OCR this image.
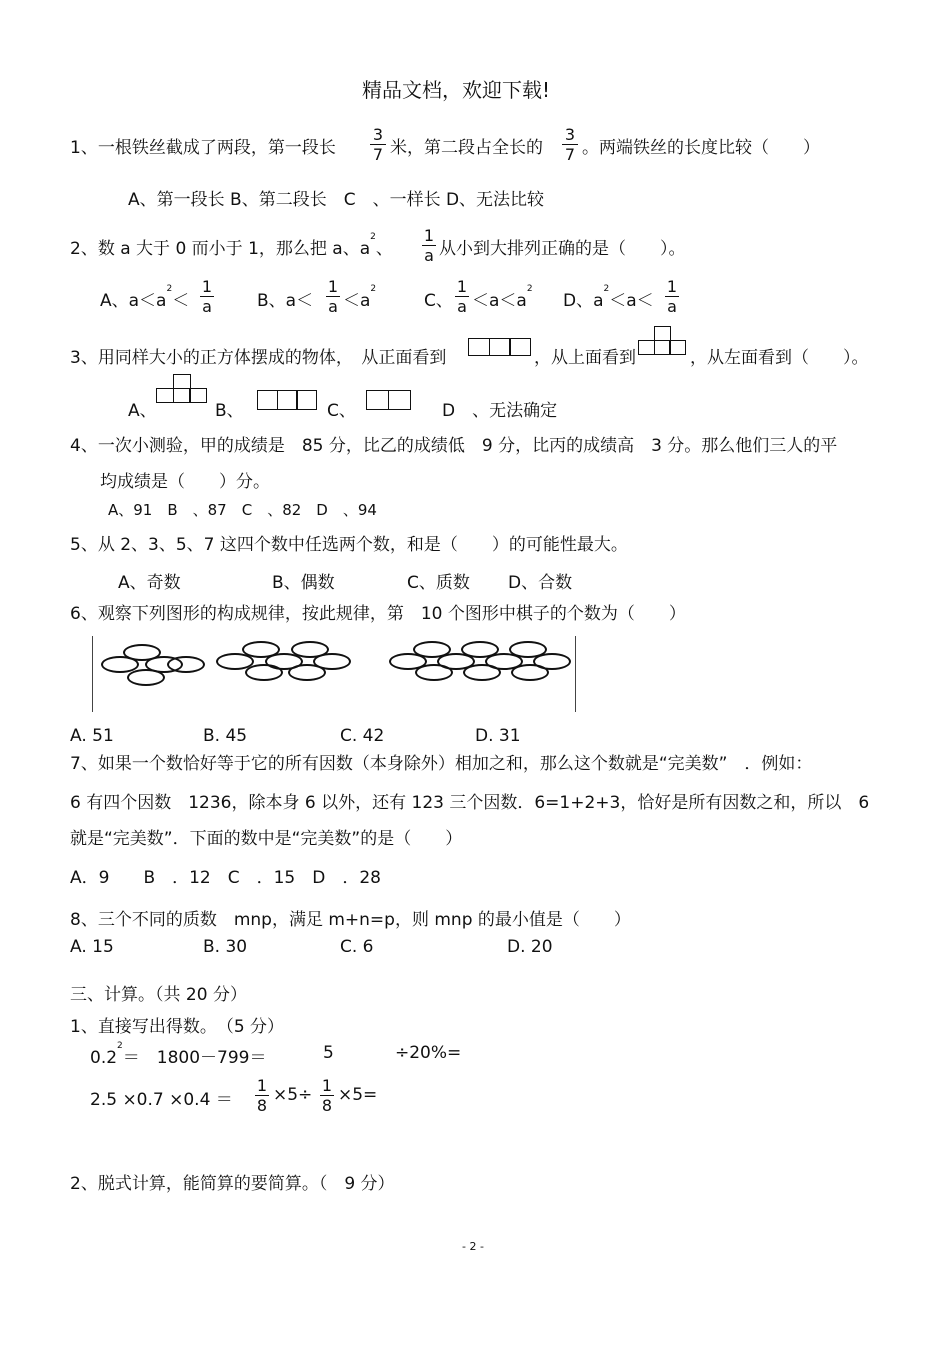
精品文档，欢迎下载!
1、一根铁丝截成了两段，第一段长 $\frac{3}{7}$ 米，第二段占全长的 $\frac{3}{7}$ 。两端铁丝的长度比较（　　）
A、第一段长 B、第二段长　C　、一样长 D、无法比较
2、数 a 大于 0 而小于 1，那么把 a、$a^2$、 $\frac{1}{a}$ 从小到大排列正确的是（　　）。
A、$a<a^2< \frac{1}{a}$	B、$a< \frac{1}{a} <a^2$
C、 $\frac{1}{a} <a<a^2$
D、$a^2<a< \frac{1}{a}$
3、用同样大小的正方体摆成的物体，　从正面看到	，从上面看到	，从左面看到（　　）。
A、	B、	C、	D　、无法确定
4、一次小测验，甲的成绩是　85 分，比乙的成绩低　9 分，比丙的成绩高　3 分。那么他们三人的平
均成绩是（　　）分。
A、91　B　、87　C　、82　D　、94
5、从 2、3、5、7 这四个数中任选两个数，和是（　　）的可能性最大。
A、奇数	B、偶数	C、质数 D、合数
6、观察下列图形的构成规律，按此规律，第　10 个图形中棋子的个数为（　　）
A. 51	B. 45	C. 42	D. 31
7、如果一个数恰好等于它的所有因数（本身除外）相加之和，那么这个数就是“完美数”　．例如：
6 有四个因数　1236，除本身 6 以外，还有 123 三个因数．6=1+2+3，恰好是所有因数之和，所以　6
就是“完美数”．下面的数中是“完美数”的是（　　）
A．9　　B　．12　C　．15　D　．28
8、三个不同的质数　mnp，满足 m+n=p，则 mnp 的最小值是（　　）
A. 15	B. 30	C. 6	D. 20
三、计算。（共 20 分）
1、直接写出得数。　（5 分）
$0.2^2=$　1800－799＝	5	÷20%=
$2.5 \times 0.7 \times 0.4 = \frac{1}{8} \times 5\div \frac{1}{8} \times 5=$
2、脱式计算，能简算的要简算。（　9 分）
- 2 -
